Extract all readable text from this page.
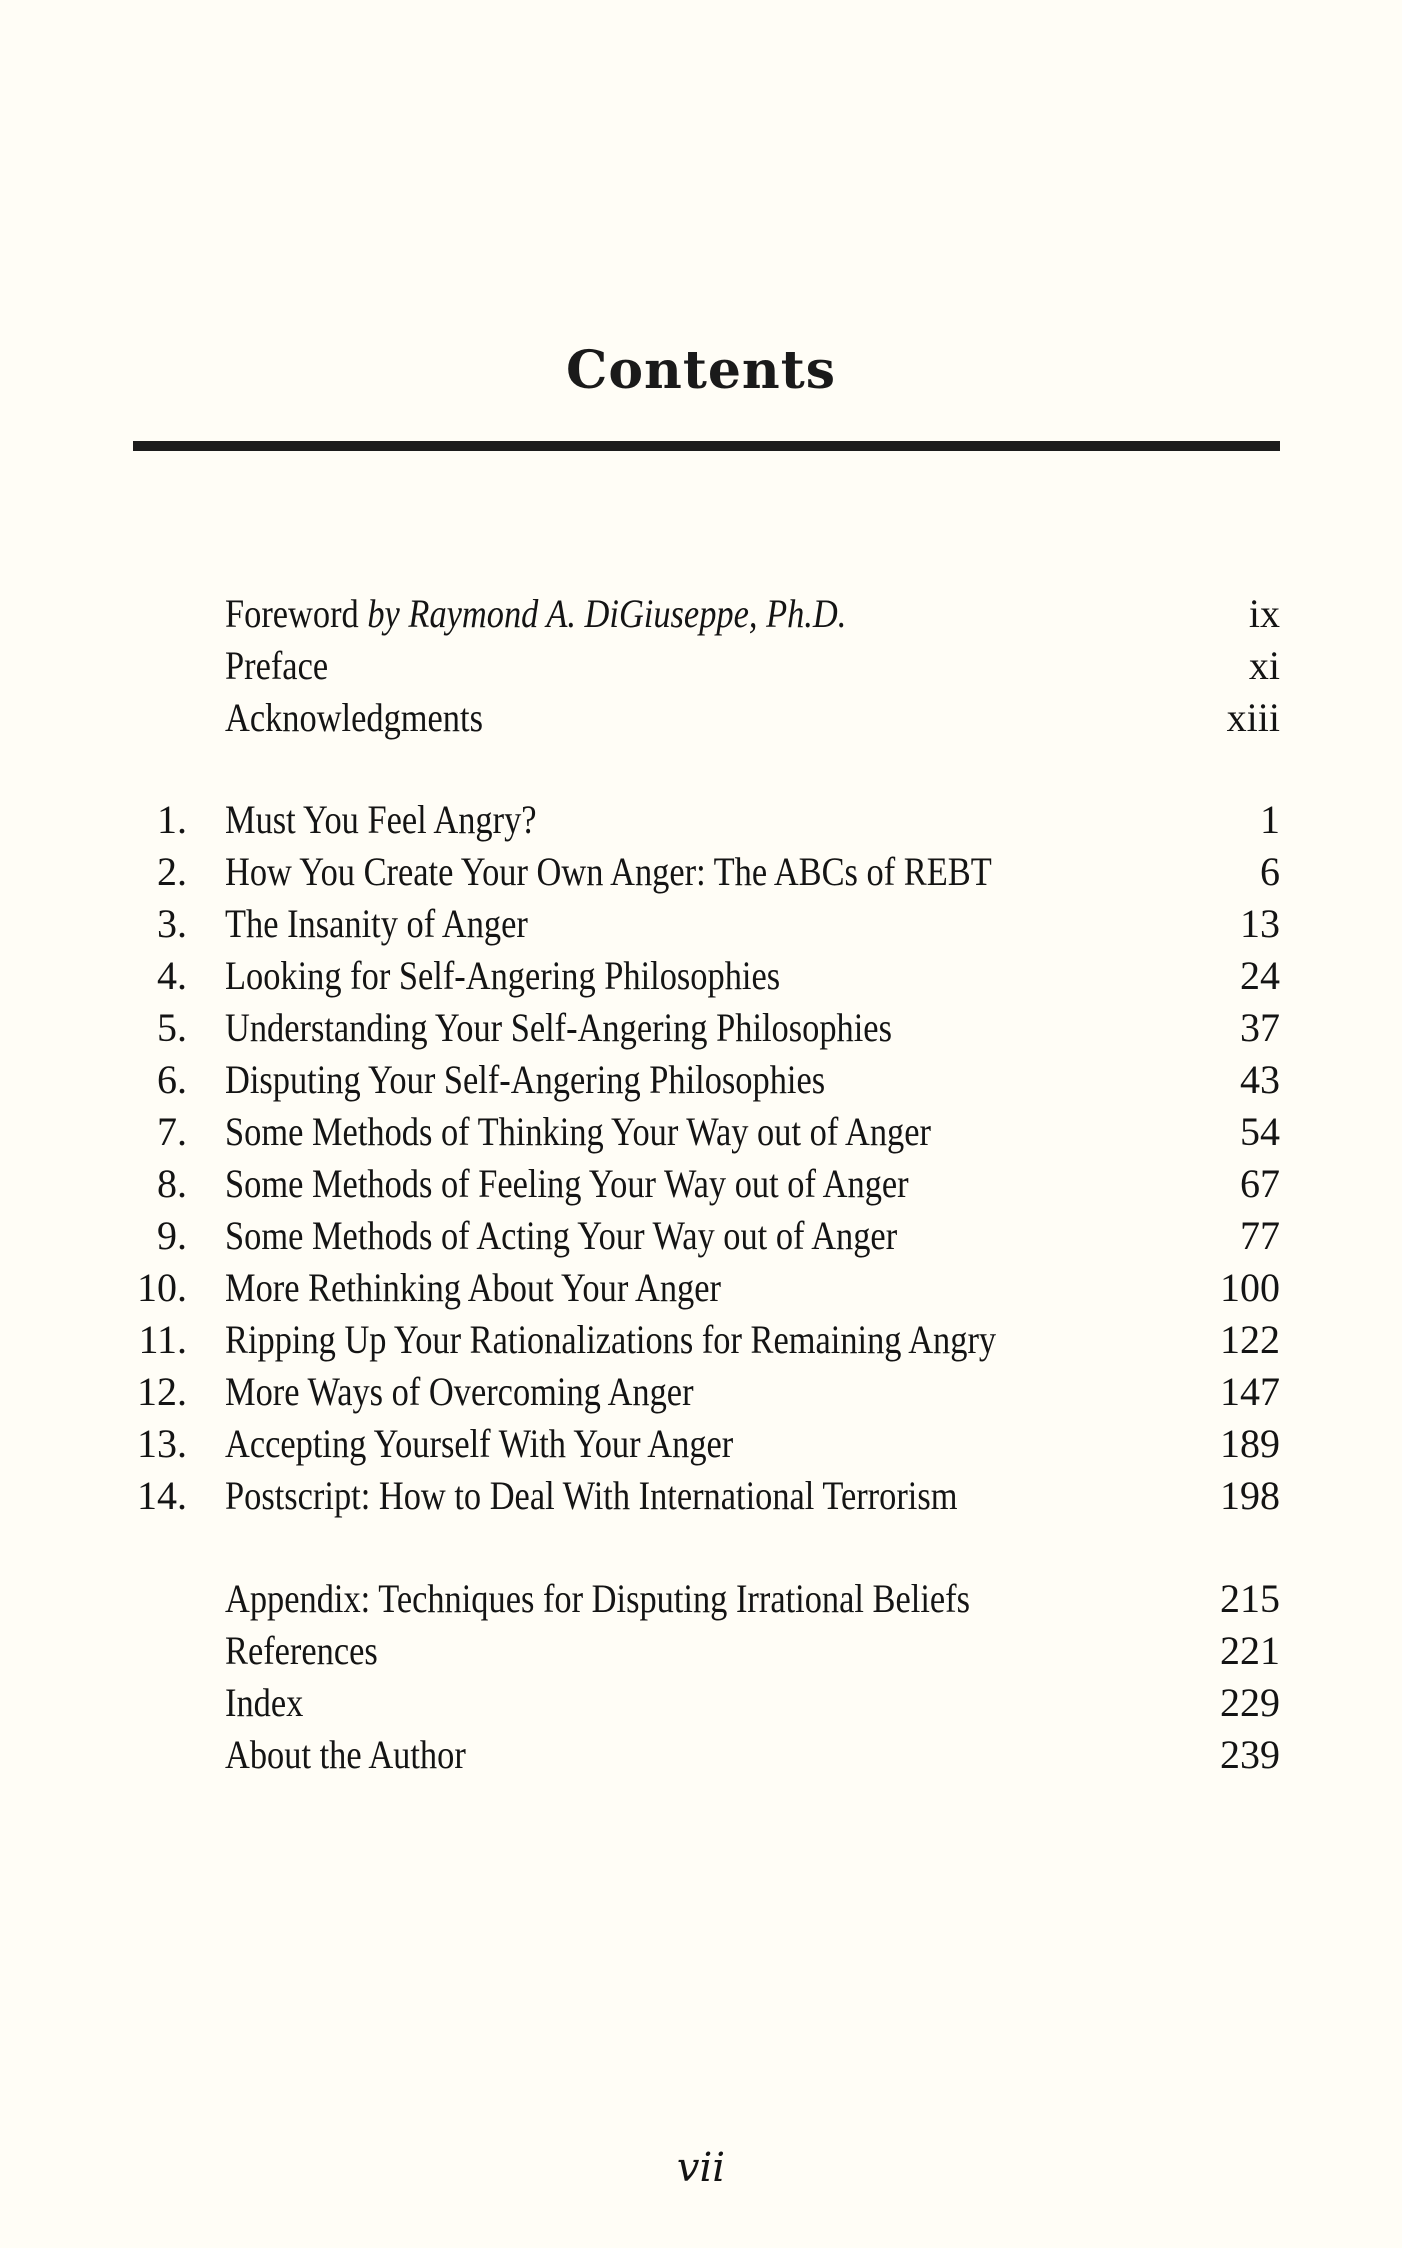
Contents
Foreword by Raymond A. DiGiuseppe, Ph.D.	ix
Preface	xi
Acknowledgments	xiii
1. Must You Feel Angry?	1
2. How You Create Your Own Anger: The ABCs of REBT	6
3. The Insanity of Anger	13
4. Looking for Self-Angering Philosophies	24
5. Understanding Your Self-Angering Philosophies	37
6. Disputing Your Self-Angering Philosophies	43
7. Some Methods of Thinking Your Way out of Anger	54
8. Some Methods of Feeling Your Way out of Anger	67
9. Some Methods of Acting Your Way out of Anger	77
10. More Rethinking About Your Anger	100
11. Ripping Up Your Rationalizations for Remaining Angry	122
12. More Ways of Overcoming Anger	147
13. Accepting Yourself With Your Anger	189
14. Postscript: How to Deal With International Terrorism	198
Appendix: Techniques for Disputing Irrational Beliefs	215
References	221
Index	229
About the Author	239
vii
